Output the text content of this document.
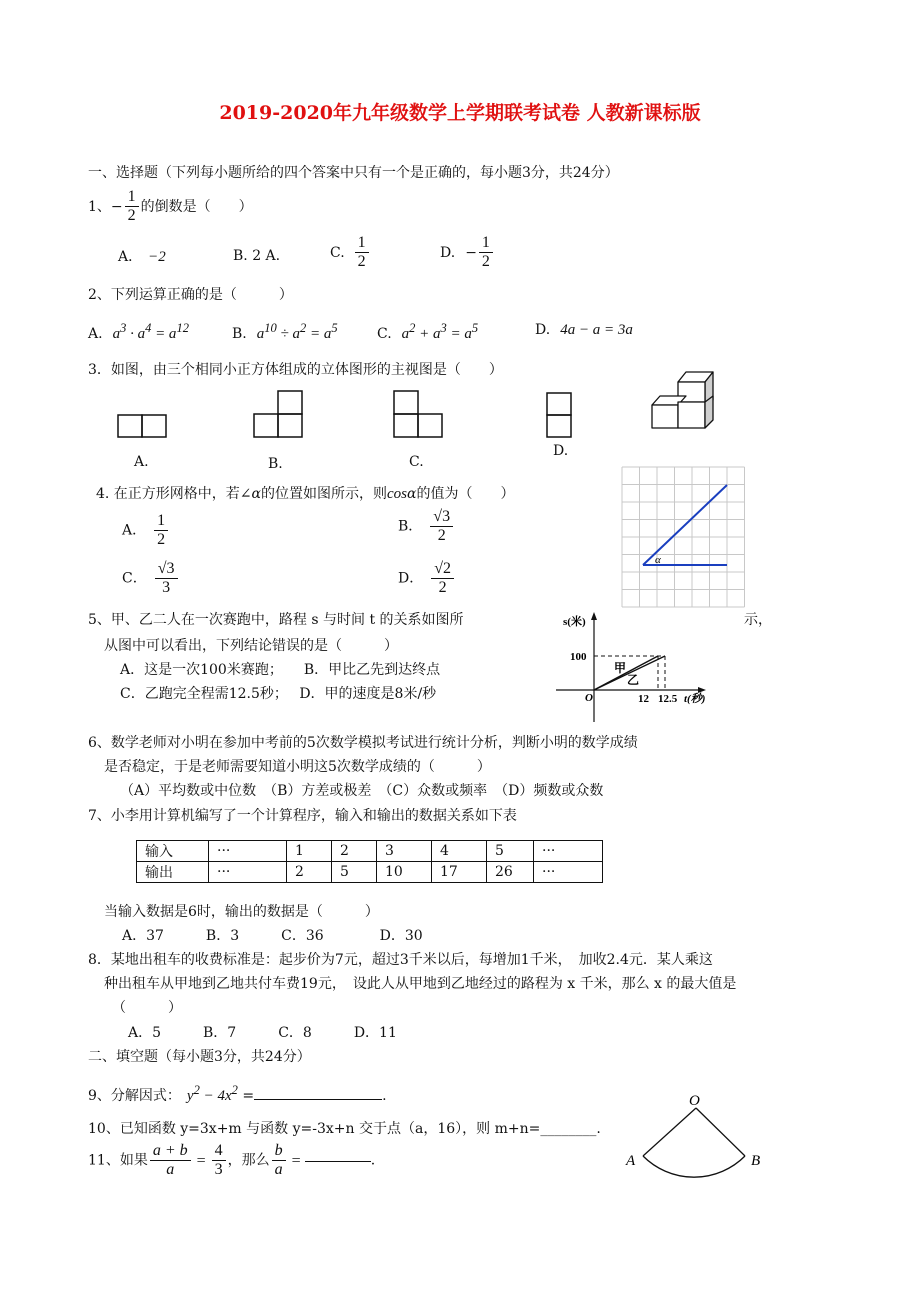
2019-2020年九年级数学上学期联考试卷 人教新课标版
一、选择题（下列每小题所给的四个答案中只有一个是正确的，每小题3分，共24分）
1、− $\frac{1}{2}$ 的倒数是（　　）
A． −2	B. 2 A.	C. $\frac{1}{2}$	D. − $\frac{1}{2}$
2、下列运算正确的是（　　　）
A. $a^3 \cdot a^4 = a^{12}$	B. $a^{10} \div a^2 = a^5$	C. $a^2 + a^3 = a^5$	D. 4a − a = 3a
3．如图，由三个相同小正方体组成的立体图形的主视图是（　　）
A.	B.	C.
D.
4. 在正方形网格中，若∠α的位置如图所示，则cosα的值为（　　）
A． $\frac{1}{2}$	B． $\frac{√3}{2}$
C． $\frac{√3}{3}$	D． $\frac{√2}{2}$	α
5、甲、乙二人在一次赛跑中，路程 s 与时间 t 的关系如图所	示，
从图中可以看出，下列结论错误的是（　　　）
A．这是一次100米赛跑；　　B．甲比乙先到达终点
C．乙跑完全程需12.5秒；　 D．甲的速度是8米/秒
s(米)
100
甲
乙
O	12 12.5 t(秒)
6、数学老师对小明在参加中考前的5次数学模拟考试进行统计分析，判断小明的数学成绩
是否稳定，于是老师需要知道小明这5次数学成绩的（　　　）
（A）平均数或中位数　（B）方差或极差　（C）众数或频率　（D）频数或众数
7、小李用计算机编写了一个计算程序，输入和输出的数据关系如下表
输入	···	1	2	3	4	5	···
输出	···	2	5	10	17	26	···
当输入数据是6时，输出的数据是（　　　）
A．37　　　B．3　　　C．36　　　　D．30
8．某地出租车的收费标准是：起步价为7元，超过3千米以后，每增加1千米，　加收2.4元．某人乘这
种出租车从甲地到乙地共付车费19元，　设此人从甲地到乙地经过的路程为 x 千米，那么 x 的最大值是
（　　　）
A．5　　　B．7　　　C．8　　　D．11
二、填空题（每小题3分，共24分）
9、分解因式： $y^2 - 4x^2$ =	.
10、已知函数 y=3x+m 与函数 y=-3x+n 交于点（a，16），则 m+n=________.
11、如果 $\frac{a + b}{a} = \frac{4}{3}$ ，那么 $\frac{b}{a}$ =	.
O
A	B
